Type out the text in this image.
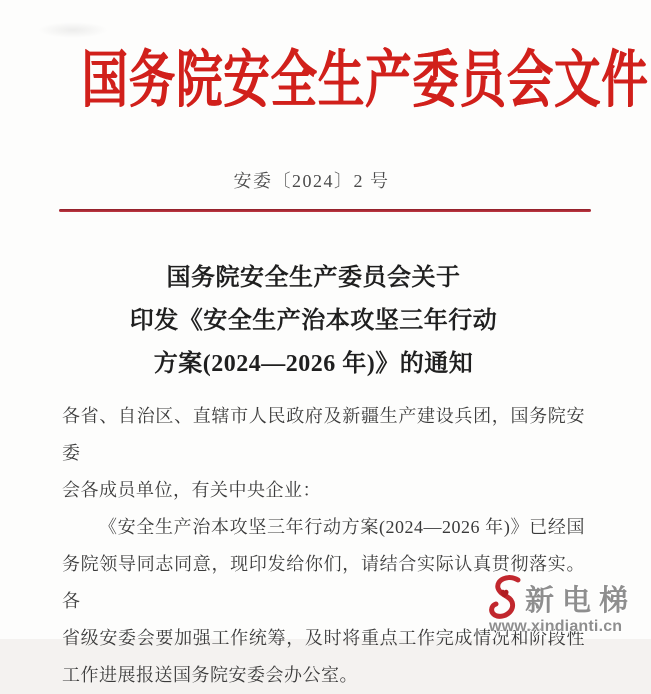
国务院安全生产委员会文件
安委〔2024〕2 号
国务院安全生产委员会关于
印发《安全生产治本攻坚三年行动
方案(2024—2026 年)》的通知
各省、自治区、直辖市人民政府及新疆生产建设兵团，国务院安委
会各成员单位，有关中央企业：
《安全生产治本攻坚三年行动方案(2024—2026 年)》已经国
务院领导同志同意，现印发给你们，请结合实际认真贯彻落实。各
省级安委会要加强工作统筹，及时将重点工作完成情况和阶段性
工作进展报送国务院安委会办公室。
新电梯
www.xindianti.cn
